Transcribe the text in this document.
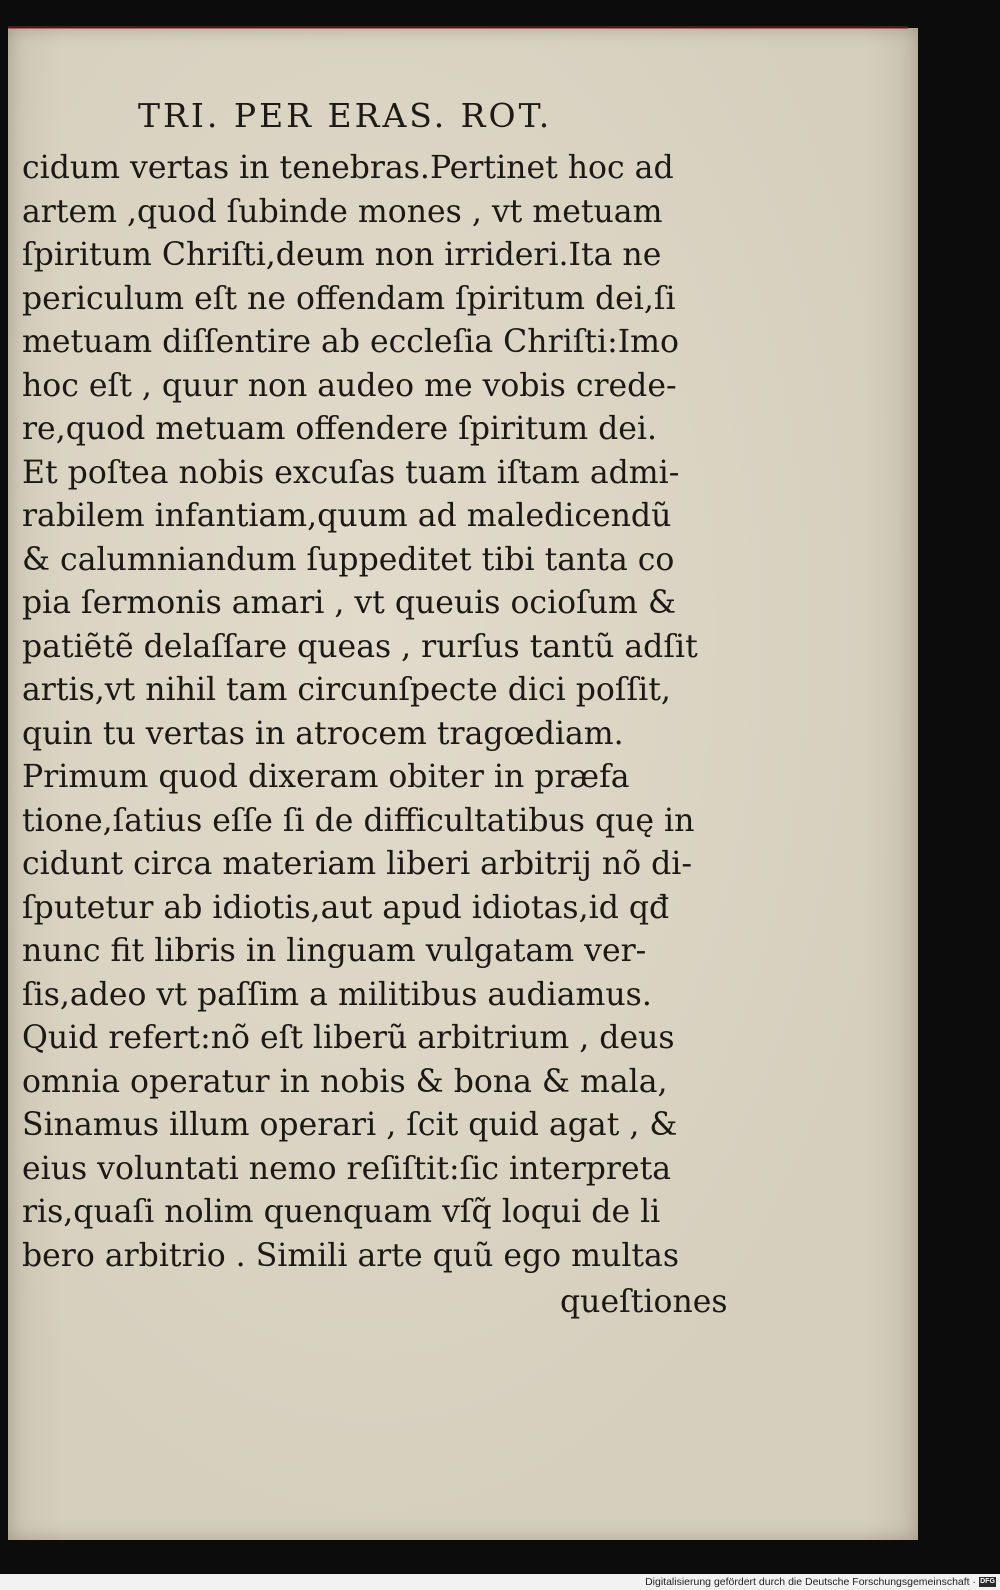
TRI. PER ERAS. ROT.
cidum vertas in tenebras.Pertinet hoc ad
artem ,quod ſubinde mones , vt metuam
ſpiritum Chriſti,deum non irrideri.Ita ne
periculum eſt ne offendam ſpiritum dei,ſi
metuam diſſentire ab eccleſia Chriſti:Imo
hoc eſt , quur non audeo me vobis crede-
re,quod metuam offendere ſpiritum dei.
Et poſtea nobis excuſas tuam iſtam admi-
rabilem infantiam,quum ad maledicendũ
& calumniandum ſuppeditet tibi tanta co
pia ſermonis amari , vt queuis ocioſum &
patiẽtẽ delaſſare queas , rurſus tantũ adſit
artis,vt nihil tam circunſpecte dici poſſit,
quin tu vertas in atrocem tragœdiam.
Primum quod dixeram obiter in præfa
tione,ſatius eſſe ſi de difficultatibus quę in
cidunt circa materiam liberi arbitrij nõ di-
ſputetur ab idiotis,aut apud idiotas,id qđ
nunc fit libris in linguam vulgatam ver-
ſis,adeo vt paſſim a militibus audiamus.
Quid refert:nõ eſt liberũ arbitrium , deus
omnia operatur in nobis & bona & mala,
Sinamus illum operari , ſcit quid agat , &
eius voluntati nemo reſiſtit:ſic interpreta
ris,quaſi nolim quenquam vſq̃ loqui de li
bero arbitrio . Simili arte quũ ego multas
queſtiones
Digitalisierung gefördert durch die Deutsche Forschungsgemeinschaft · DFG
